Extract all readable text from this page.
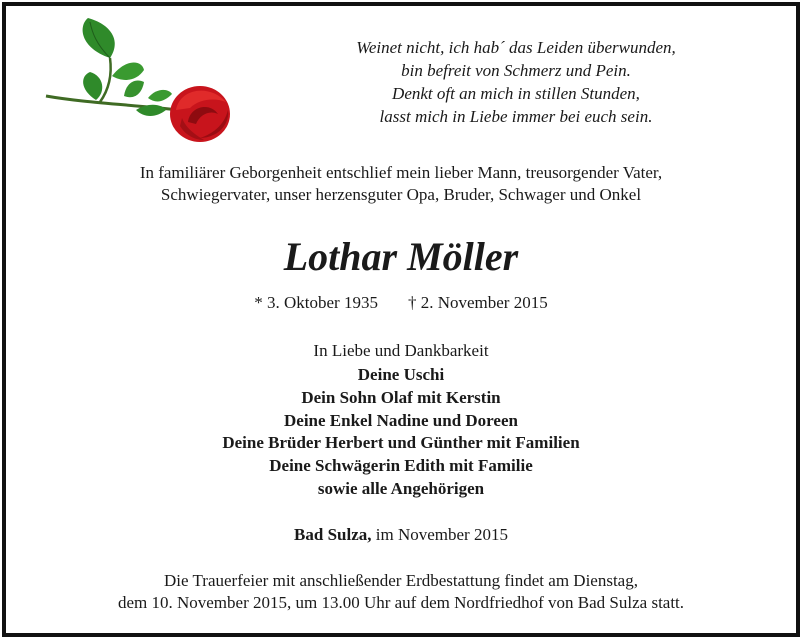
Weinet nicht, ich hab´ das Leiden überwunden,
bin befreit von Schmerz und Pein.
Denkt oft an mich in stillen Stunden,
lasst mich in Liebe immer bei euch sein.
In familiärer Geborgenheit entschlief mein lieber Mann, treusorgender Vater,
Schwiegervater, unser herzensguter Opa, Bruder, Schwager und Onkel
Lothar Möller
* 3. Oktober 1935 † 2. November 2015
In Liebe und Dankbarkeit
Deine Uschi
Dein Sohn Olaf mit Kerstin
Deine Enkel Nadine und Doreen
Deine Brüder Herbert und Günther mit Familien
Deine Schwägerin Edith mit Familie
sowie alle Angehörigen
Bad Sulza, im November 2015
Die Trauerfeier mit anschließender Erdbestattung findet am Dienstag,
dem 10. November 2015, um 13.00 Uhr auf dem Nordfriedhof von Bad Sulza statt.
